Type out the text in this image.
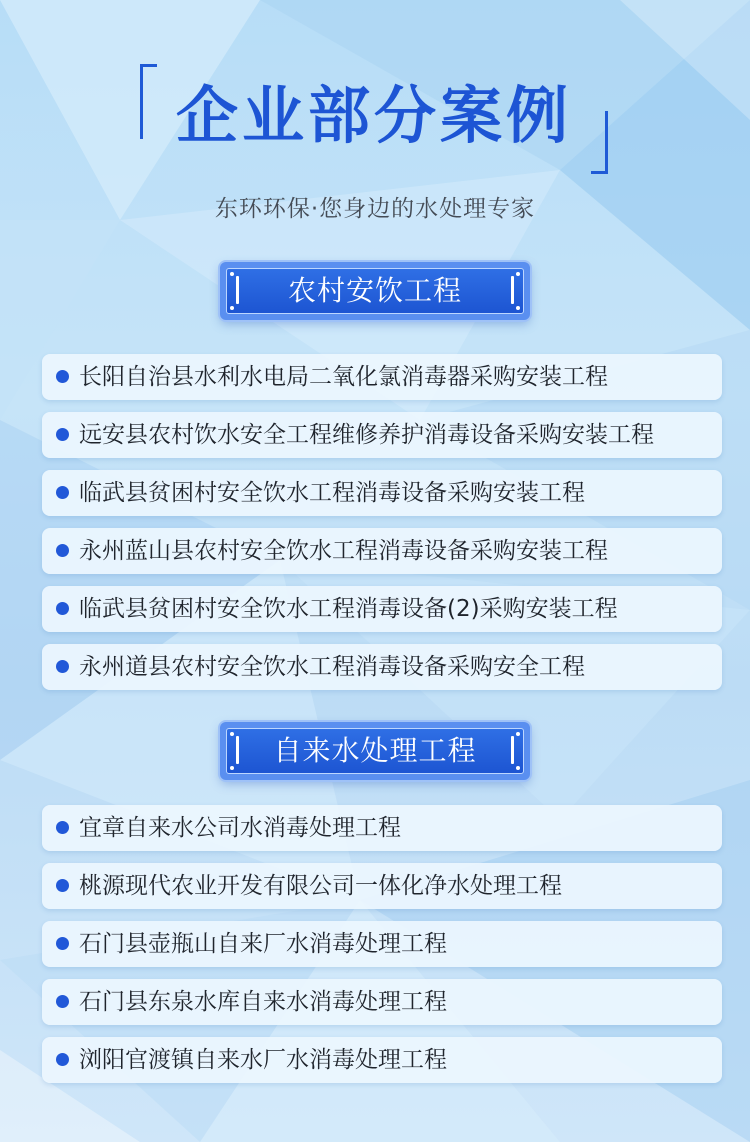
企业部分案例
东环环保·您身边的水处理专家
农村安饮工程
长阳自治县水利水电局二氧化氯消毒器采购安装工程
远安县农村饮水安全工程维修养护消毒设备采购安装工程
临武县贫困村安全饮水工程消毒设备采购安装工程
永州蓝山县农村安全饮水工程消毒设备采购安装工程
临武县贫困村安全饮水工程消毒设备(2)采购安装工程
永州道县农村安全饮水工程消毒设备采购安全工程
自来水处理工程
宜章自来水公司水消毒处理工程
桃源现代农业开发有限公司一体化净水处理工程
石门县壶瓶山自来厂水消毒处理工程
石门县东泉水库自来水消毒处理工程
浏阳官渡镇自来水厂水消毒处理工程
